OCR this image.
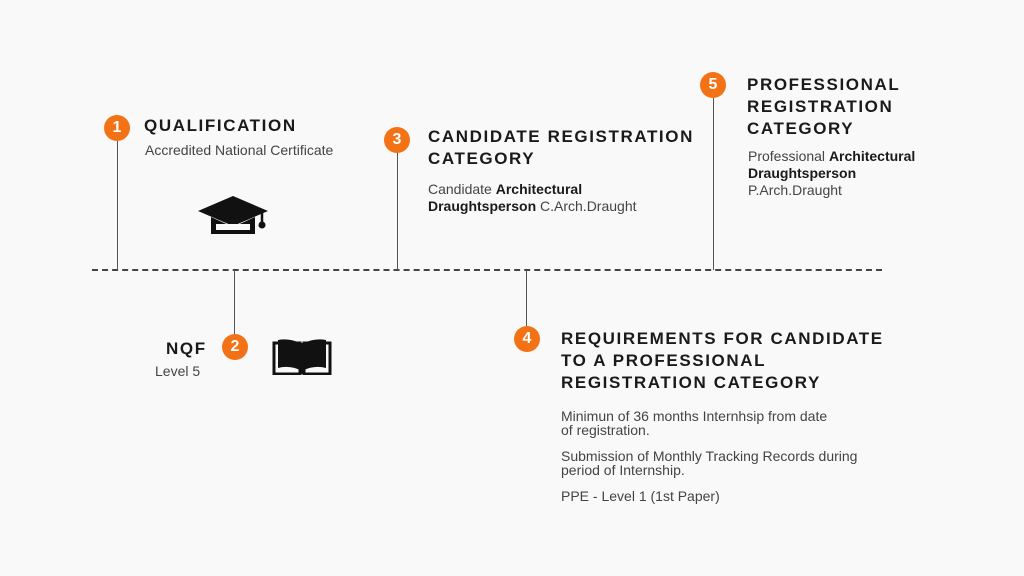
1	QUALIFICATION
Accredited National Certificate
NQF	2
Level 5
3	CANDIDATE REGISTRATION
CATEGORY
Candidate Architectural
Draughtsperson C.Arch.Draught
4	REQUIREMENTS FOR CANDIDATE
TO A PROFESSIONAL
REGISTRATION CATEGORY
Minimun of 36 months Internhsip from date
of registration.
Submission of Monthly Tracking Records during
period of Internship.
PPE - Level 1 (1st Paper)
5	PROFESSIONAL
REGISTRATION
CATEGORY
Professional Architectural
Draughtsperson
P.Arch.Draught
